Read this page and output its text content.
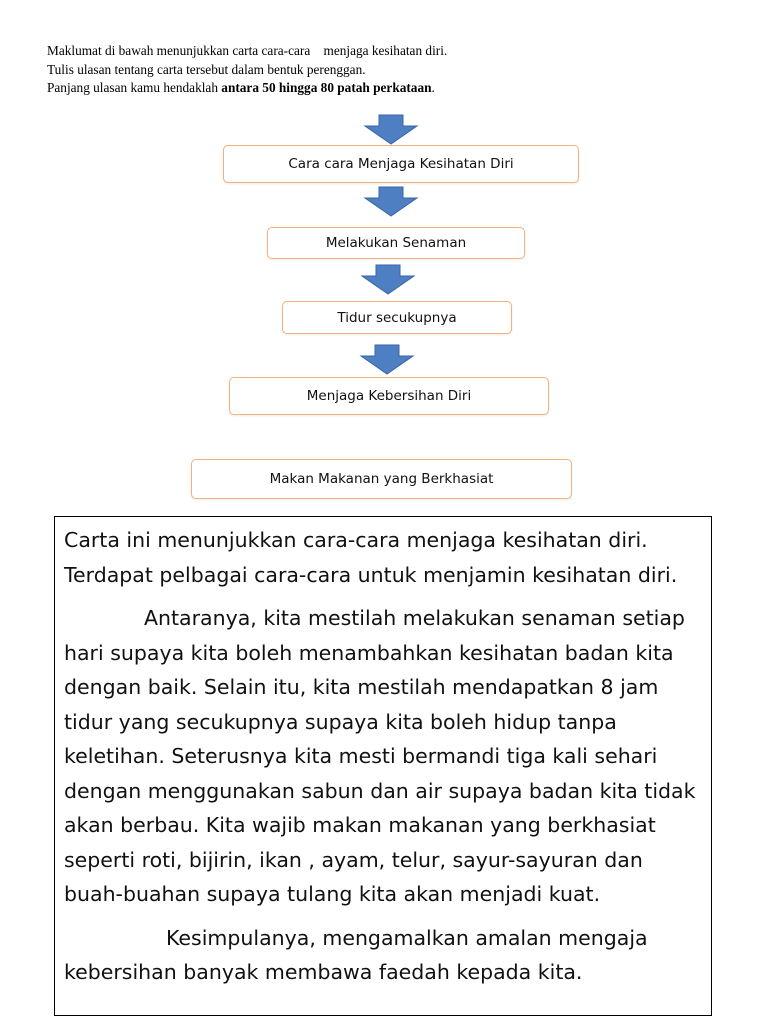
Maklumat di bawah menunjukkan carta cara-cara    menjaga kesihatan diri.

Tulis ulasan tentang carta tersebut dalam bentuk perenggan.

Panjang ulasan kamu hendaklah antara 50 hingga 80 patah perkataan.

Cara cara Menjaga Kesihatan Diri
Melakukan Senaman
Tidur secukupnya
Menjaga Kebersihan Diri
Makan Makanan yang Berkhasiat

Carta ini menunjukkan cara-cara menjaga kesihatan diri. Terdapat pelbagai cara-cara untuk menjamin kesihatan diri.

Antaranya, kita mestilah melakukan senaman setiap hari supaya kita boleh menambahkan kesihatan badan kita dengan baik. Selain itu, kita mestilah mendapatkan 8 jam tidur yang secukupnya supaya kita boleh hidup tanpa keletihan. Seterusnya kita mesti bermandi tiga kali sehari dengan menggunakan sabun dan air supaya badan kita tidak akan berbau. Kita wajib makan makanan yang berkhasiat seperti roti, bijirin, ikan , ayam, telur, sayur-sayuran dan buah-buahan supaya tulang kita akan menjadi kuat.

Kesimpulanya, mengamalkan amalan mengaja kebersihan banyak membawa faedah kepada kita.
